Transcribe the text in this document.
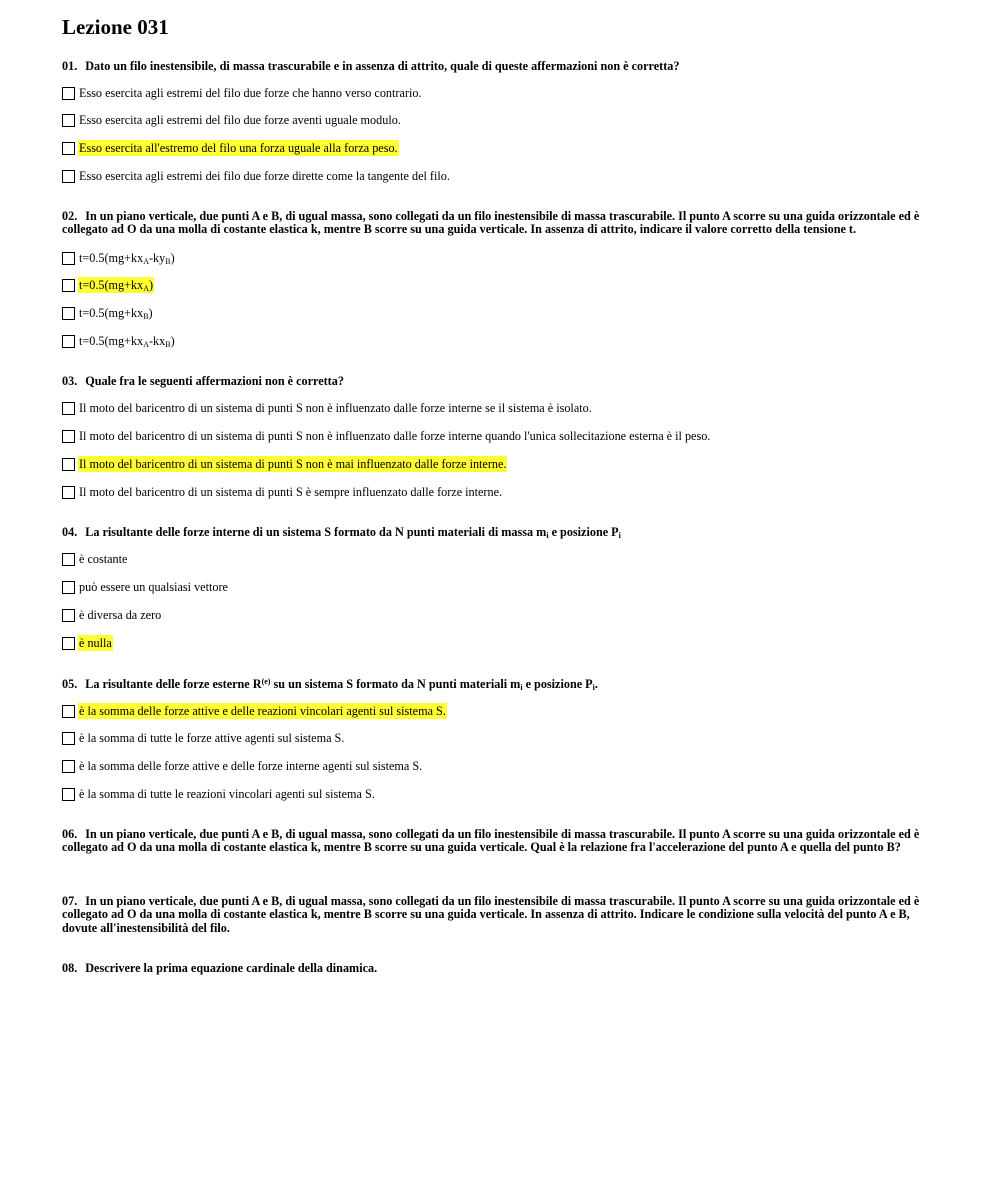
Lezione 031
01. Dato un filo inestensibile, di massa trascurabile e in assenza di attrito, quale di queste affermazioni non è corretta?
Esso esercita agli estremi del filo due forze che hanno verso contrario.
Esso esercita agli estremi del filo due forze aventi uguale modulo.
Esso esercita all'estremo del filo una forza uguale alla forza peso.
Esso esercita agli estremi dei filo due forze dirette come la tangente del filo.
02. In un piano verticale, due punti A e B, di ugual massa, sono collegati da un filo inestensibile di massa trascurabile. Il punto A scorre su una guida orizzontale ed è collegato ad O da una molla di costante elastica k, mentre B scorre su una guida verticale. In assenza di attrito, indicare il valore corretto della tensione t.
$t=0.5(mg+kx_A-ky_B)$
$t=0.5(mg+kx_A)$
$t=0.5(mg+kx_B)$
$t=0.5(mg+kx_A-kx_B)$
03. Quale fra le seguenti affermazioni non è corretta?
Il moto del baricentro di un sistema di punti S non è influenzato dalle forze interne se il sistema è isolato.
Il moto del baricentro di un sistema di punti S non è influenzato dalle forze interne quando l'unica sollecitazione esterna è il peso.
Il moto del baricentro di un sistema di punti S non è mai influenzato dalle forze interne.
Il moto del baricentro di un sistema di punti S è sempre influenzato dalle forze interne.
04. La risultante delle forze interne di un sistema S formato da N punti materiali di massa $m_i$ e posizione $P_i$
è costante
può essere un qualsiasi vettore
è diversa da zero
è nulla
05. La risultante delle forze esterne $R^{(e)}$ su un sistema S formato da N punti materiali $m_i$ e posizione $P_i$.
è la somma delle forze attive e delle reazioni vincolari agenti sul sistema S.
è la somma di tutte le forze attive agenti sul sistema S.
è la somma delle forze attive e delle forze interne agenti sul sistema S.
è la somma di tutte le reazioni vincolari agenti sul sistema S.
06. In un piano verticale, due punti A e B, di ugual massa, sono collegati da un filo inestensibile di massa trascurabile. Il punto A scorre su una guida orizzontale ed è collegato ad O da una molla di costante elastica k, mentre B scorre su una guida verticale. Qual è la relazione fra l'accelerazione del punto A e quella del punto B?
07. In un piano verticale, due punti A e B, di ugual massa, sono collegati da un filo inestensibile di massa trascurabile. Il punto A scorre su una guida orizzontale ed è collegato ad O da una molla di costante elastica k, mentre B scorre su una guida verticale. In assenza di attrito. Indicare le condizione sulla velocità del punto A e B, dovute all'inestensibilità del filo.
08. Descrivere la prima equazione cardinale della dinamica.
